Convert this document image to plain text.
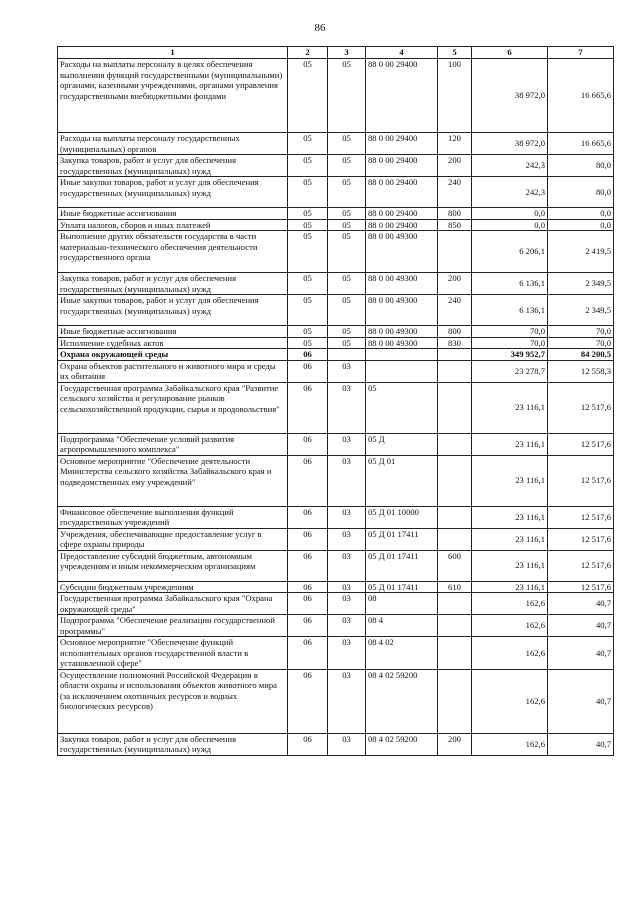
86
1	2	3	4	5	6	7
Расходы на выплаты персоналу в целях обеспечения выполнения функций государственными (муниципальными) органами, казенными учреждениями, органами управления государственными внебюджетными фондами	05	05	88 0 00 29400	100	38 972,0	16 665,6
Расходы на выплаты персоналу государственных (муниципальных) органов	05	05	88 0 00 29400	120	38 972,0	16 665,6
Закупка товаров, работ и услуг для обеспечения государственных (муниципальных) нужд	05	05	88 0 00 29400	200	242,3	80,0
Иные закупки товаров, работ и услуг для обеспечения государственных (муниципальных) нужд	05	05	88 0 00 29400	240	242,3	80,0
Иные бюджетные ассигнования	05	05	88 0 00 29400	800	0,0	0,0
Уплата налогов, сборов и иных платежей	05	05	88 0 00 29400	850	0,0	0,0
Выполнение других обязательств государства в части материально-технического обеспечения деятельности государственного органа	05	05	88 0 00 49300		6 206,1	2 419,5
Закупка товаров, работ и услуг для обеспечения государственных (муниципальных) нужд	05	05	88 0 00 49300	200	6 136,1	2 349,5
Иные закупки товаров, работ и услуг для обеспечения государственных (муниципальных) нужд	05	05	88 0 00 49300	240	6 136,1	2 349,5
Иные бюджетные ассигнования	05	05	88 0 00 49300	800	70,0	70,0
Исполнение судебных актов	05	05	88 0 00 49300	830	70,0	70,0
Охрана окружающей среды	06				349 952,7	84 200,5
Охрана объектов растительного и животного мира и среды их обитания	06	03			23 278,7	12 558,3
Государственная программа Забайкальского края "Развитие сельского хозяйства и регулирование рынков сельскохозяйственной продукции, сырья и продовольствия"	06	03	05		23 116,1	12 517,6
Подпрограмма "Обеспечение условий развития агропромышленного комплекса"	06	03	05 Д		23 116,1	12 517,6
Основное мероприятие "Обеспечение деятельности Министерства сельского хозяйства Забайкальского края и подведомственных ему учреждений"	06	03	05 Д 01		23 116,1	12 517,6
Финансовое обеспечение выполнения функций государственных учреждений	06	03	05 Д 01 10000		23 116,1	12 517,6
Учреждения, обеспечивающие предоставление услуг в сфере охраны природы	06	03	05 Д 01 17411		23 116,1	12 517,6
Предоставление субсидий бюджетным, автономным учреждениям и иным некоммерческим организациям	06	03	05 Д 01 17411	600	23 116,1	12 517,6
Субсидии бюджетным учреждениям	06	03	05 Д 01 17411	610	23 116,1	12 517,6
Государственная программа Забайкальского края "Охрана окружающей среды"	06	03	08		162,6	40,7
Подпрограмма "Обеспечение реализации государственной программы"	06	03	08 4		162,6	40,7
Основное мероприятие "Обеспечение функций исполнительных органов государственной власти в установленной сфере"	06	03	08 4 02		162,6	40,7
Осуществление полномочий Российской Федерации в области охраны и использования объектов животного мира (за исключением охотничьих ресурсов и водных биологических ресурсов)	06	03	08 4 02 59200		162,6	40,7
Закупка товаров, работ и услуг для обеспечения государственных (муниципальных) нужд	06	03	08 4 02 59200	200	162,6	40,7
